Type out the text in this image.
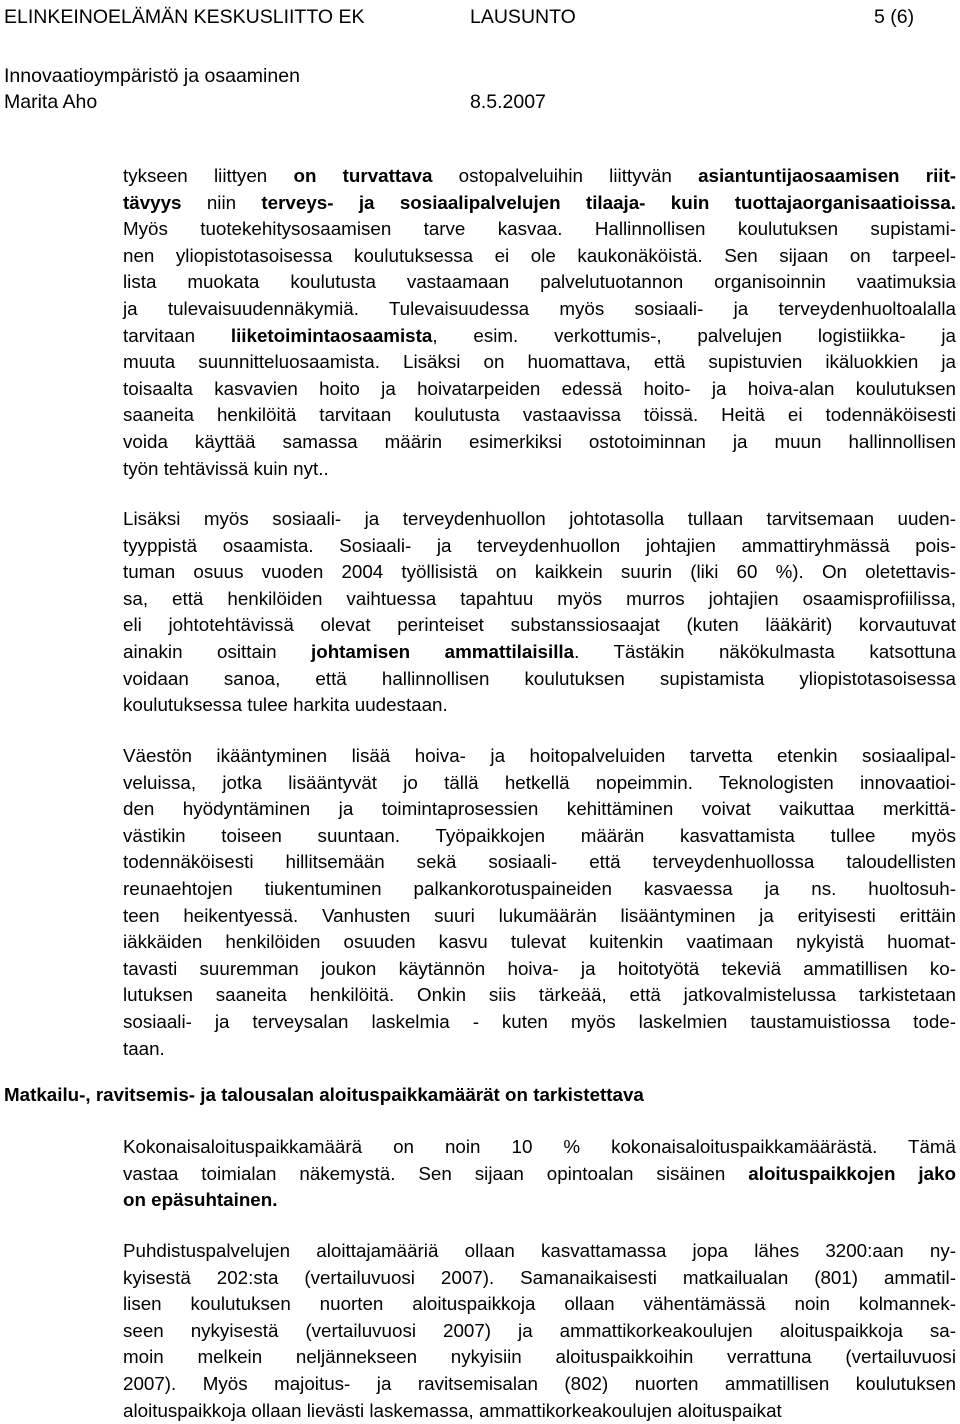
ELINKEINOELÄMÄN KESKUSLIITTO EK	LAUSUNTO	5 (6)
Innovaatioympäristö ja osaaminen
Marita Aho	8.5.2007
tykseen liittyen on turvattava ostopalveluihin liittyvän asiantuntijaosaamisen riit-
tävyys niin terveys- ja sosiaalipalvelujen tilaaja- kuin tuottajaorganisaatioissa.
Myös tuotekehitysosaamisen tarve kasvaa. Hallinnollisen koulutuksen supistami-
nen yliopistotasoisessa koulutuksessa ei ole kaukonäköistä. Sen sijaan on tarpeel-
lista muokata koulutusta vastaamaan palvelutuotannon organisoinnin vaatimuksia
ja tulevaisuudennäkymiä. Tulevaisuudessa myös sosiaali- ja terveydenhuoltoalalla
tarvitaan liiketoimintaosaamista, esim. verkottumis-, palvelujen logistiikka- ja
muuta suunnitteluosaamista. Lisäksi on huomattava, että supistuvien ikäluokkien ja
toisaalta kasvavien hoito ja hoivatarpeiden edessä hoito- ja hoiva-alan koulutuksen
saaneita henkilöitä tarvitaan koulutusta vastaavissa töissä. Heitä ei todennäköisesti
voida käyttää samassa määrin esimerkiksi ostotoiminnan ja muun hallinnollisen
työn tehtävissä kuin nyt..
Lisäksi myös sosiaali- ja terveydenhuollon johtotasolla tullaan tarvitsemaan uuden-
tyyppistä osaamista. Sosiaali- ja terveydenhuollon johtajien ammattiryhmässä pois-
tuman osuus vuoden 2004 työllisistä on kaikkein suurin (liki 60 %). On oletettavis-
sa, että henkilöiden vaihtuessa tapahtuu myös murros johtajien osaamisprofiilissa,
eli johtotehtävissä olevat perinteiset substanssiosaajat (kuten lääkärit) korvautuvat
ainakin osittain johtamisen ammattilaisilla. Tästäkin näkökulmasta katsottuna
voidaan sanoa, että hallinnollisen koulutuksen supistamista yliopistotasoisessa
koulutuksessa tulee harkita uudestaan.
Väestön ikääntyminen lisää hoiva- ja hoitopalveluiden tarvetta etenkin sosiaalipal-
veluissa, jotka lisääntyvät jo tällä hetkellä nopeimmin. Teknologisten innovaatioi-
den hyödyntäminen ja toimintaprosessien kehittäminen voivat vaikuttaa merkittä-
västikin toiseen suuntaan. Työpaikkojen määrän kasvattamista tullee myös
todennäköisesti hillitsemään sekä sosiaali- että terveydenhuollossa taloudellisten
reunaehtojen tiukentuminen palkankorotuspaineiden kasvaessa ja ns. huoltosuh-
teen heikentyessä. Vanhusten suuri lukumäärän lisääntyminen ja erityisesti erittäin
iäkkäiden henkilöiden osuuden kasvu tulevat kuitenkin vaatimaan nykyistä huomat-
tavasti suuremman joukon käytännön hoiva- ja hoitotyötä tekeviä ammatillisen ko-
lutuksen saaneita henkilöitä. Onkin siis tärkeää, että jatkovalmistelussa tarkistetaan
sosiaali- ja terveysalan laskelmia - kuten myös laskelmien taustamuistiossa tode-
taan.
Matkailu-, ravitsemis- ja talousalan aloituspaikkamäärät on tarkistettava
Kokonaisaloituspaikkamäärä on noin 10 % kokonaisaloituspaikkamäärästä. Tämä
vastaa toimialan näkemystä. Sen sijaan opintoalan sisäinen aloituspaikkojen jako
on epäsuhtainen.
Puhdistuspalvelujen aloittajamääriä ollaan kasvattamassa jopa lähes 3200:aan ny-
kyisestä 202:sta (vertailuvuosi 2007). Samanaikaisesti matkailualan (801) ammatil-
lisen koulutuksen nuorten aloituspaikkoja ollaan vähentämässä noin kolmannek-
seen nykyisestä (vertailuvuosi 2007) ja ammattikorkeakoulujen aloituspaikkoja sa-
moin melkein neljännekseen nykyisiin aloituspaikkoihin verrattuna (vertailuvuosi
2007). Myös majoitus- ja ravitsemisalan (802) nuorten ammatillisen koulutuksen
aloituspaikkoja ollaan lievästi laskemassa, ammattikorkeakoulujen aloituspaikat
